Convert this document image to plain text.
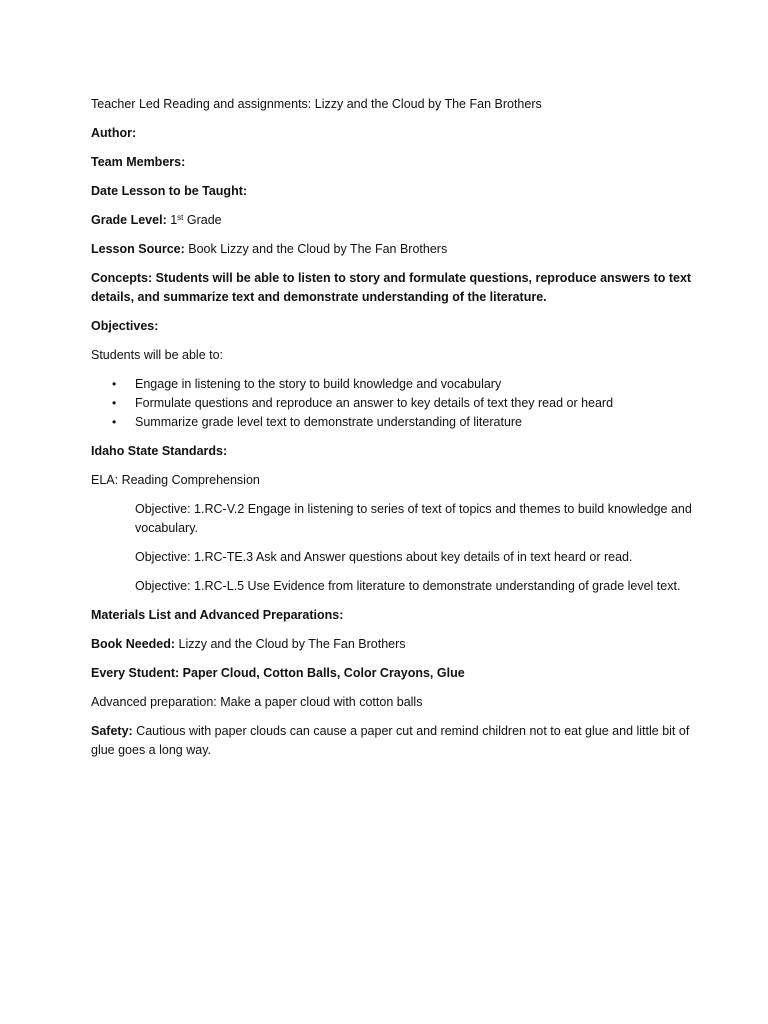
Teacher Led Reading and assignments: Lizzy and the Cloud by The Fan Brothers

Author:

Team Members:

Date Lesson to be Taught:

Grade Level: 1st Grade

Lesson Source: Book Lizzy and the Cloud by The Fan Brothers

Concepts: Students will be able to listen to story and formulate questions, reproduce answers to text details, and summarize text and demonstrate understanding of the literature.

Objectives:

Students will be able to:

• Engage in listening to the story to build knowledge and vocabulary
• Formulate questions and reproduce an answer to key details of text they read or heard
• Summarize grade level text to demonstrate understanding of literature

Idaho State Standards:

ELA: Reading Comprehension

Objective: 1.RC-V.2 Engage in listening to series of text of topics and themes to build knowledge and vocabulary.

Objective: 1.RC-TE.3 Ask and Answer questions about key details of in text heard or read.

Objective: 1.RC-L.5 Use Evidence from literature to demonstrate understanding of grade level text.

Materials List and Advanced Preparations:

Book Needed: Lizzy and the Cloud by The Fan Brothers

Every Student: Paper Cloud, Cotton Balls, Color Crayons, Glue

Advanced preparation: Make a paper cloud with cotton balls

Safety: Cautious with paper clouds can cause a paper cut and remind children not to eat glue and little bit of glue goes a long way.
